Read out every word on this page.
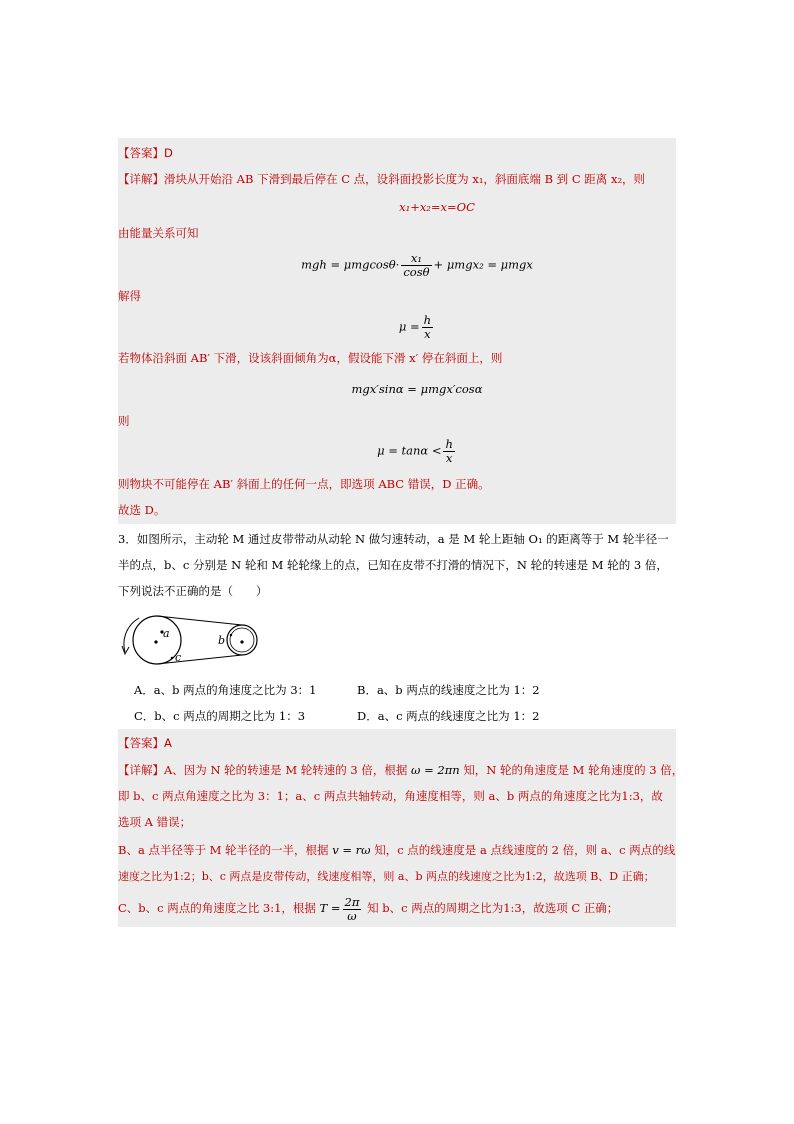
【答案】D
【详解】滑块从开始沿 AB 下滑到最后停在 C 点，设斜面投影长度为 x₁，斜面底端 B 到 C 距离 x₂，则
x₁+x₂=x=OC
由能量关系可知
mgh = $\mu mgcos\theta\cdot \frac{\text{x₁}}{\cos\theta} + \mu mgx_2 = \mu mgx$
解得
$\mu = \frac{h}{x}$
若物体沿斜面 AB′ 下滑，设该斜面倾角为α，假设能下滑 x′ 停在斜面上，则
mgx′sinα = μmgx′cosα
则
$\mu = \tan\alpha < \frac{h}{x}$
则物块不可能停在 AB′ 斜面上的任何一点，即选项 ABC 错误，D 正确。
故选 D。
3．如图所示，主动轮 M 通过皮带带动从动轮 N 做匀速转动，a 是 M 轮上距轴 O₁ 的距离等于 M 轮半径一
半的点，b、c 分别是 N 轮和 M 轮轮缘上的点，已知在皮带不打滑的情况下，N 轮的转速是 M 轮的 3 倍，
下列说法不正确的是（　　）
a
c
b
A．a、b 两点的角速度之比为 3：1	B．a、b 两点的线速度之比为 1：2
C．b、c 两点的周期之比为 1：3	D．a、c 两点的线速度之比为 1：2
【答案】A
【详解】A、因为 N 轮的转速是 M 轮转速的 3 倍，根据 ω = 2πn 知，N 轮的角速度是 M 轮角速度的 3 倍，
即 b、c 两点角速度之比为 3：1；a、c 两点共轴转动，角速度相等，则 a、b 两点的角速度之比为1:3，故
选项 A 错误；
B、a 点半径等于 M 轮半径的一半，根据 v = rω 知，c 点的线速度是 a 点线速度的 2 倍，则 a、c 两点的线
速度之比为1:2；b、c 两点是皮带传动，线速度相等，则 a、b 两点的线速度之比为1:2，故选项 B、D 正确；
C、b、c 两点的角速度之比 3:1，根据 $T = \frac{2\pi}{\omega}$ 知 b、c 两点的周期之比为1:3，故选项 C 正确；
